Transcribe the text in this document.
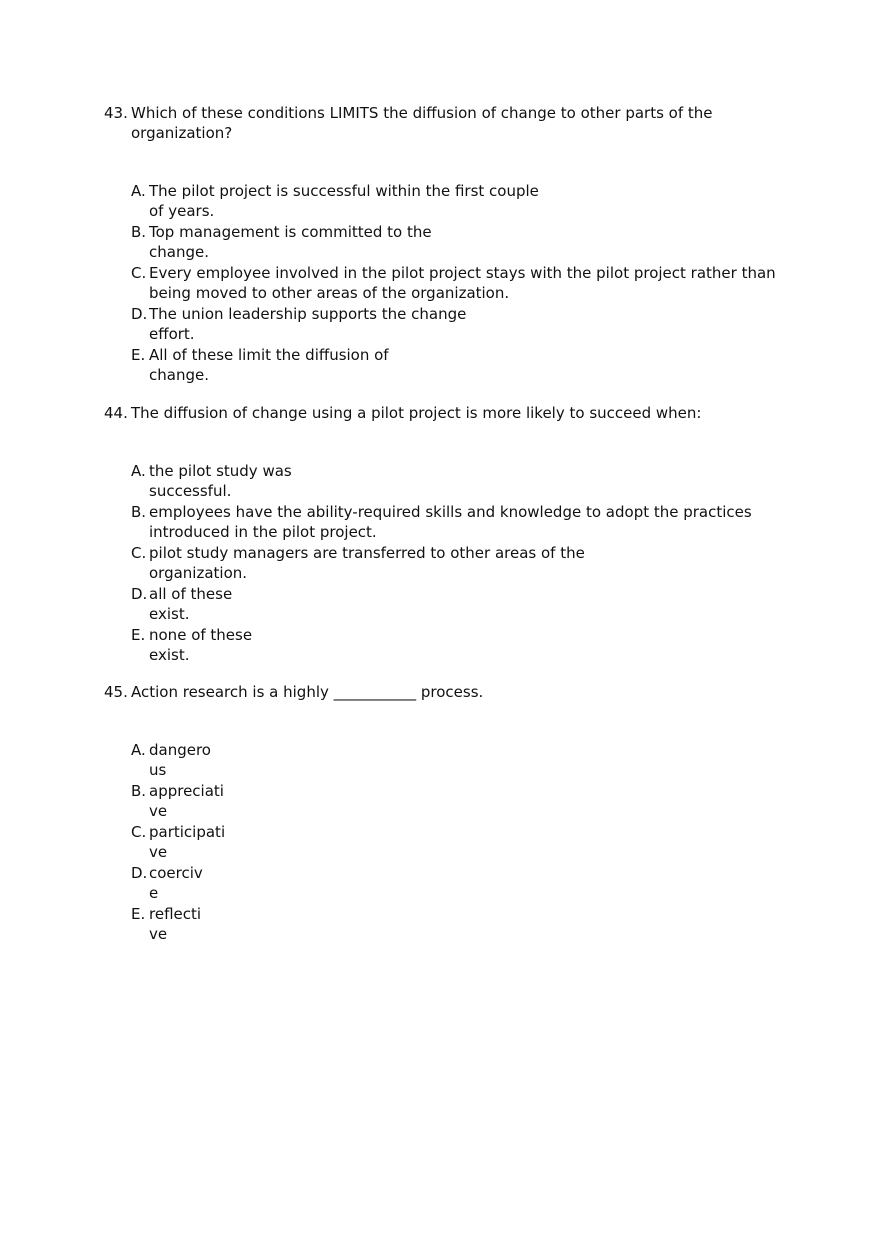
43. Which of these conditions LIMITS the diffusion of change to other parts of the organization?
A. The pilot project is successful within the first couple of years.
B. Top management is committed to the change.
C. Every employee involved in the pilot project stays with the pilot project rather than being moved to other areas of the organization.
D. The union leadership supports the change effort.
E. All of these limit the diffusion of change.
44. The diffusion of change using a pilot project is more likely to succeed when:
A. the pilot study was successful.
B. employees have the ability-required skills and knowledge to adopt the practices introduced in the pilot project.
C. pilot study managers are transferred to other areas of the organization.
D. all of these exist.
E. none of these exist.
45. Action research is a highly ___________ process.
A. dangerous
B. appreciative
C. participative
D. coercive
E. reflective
